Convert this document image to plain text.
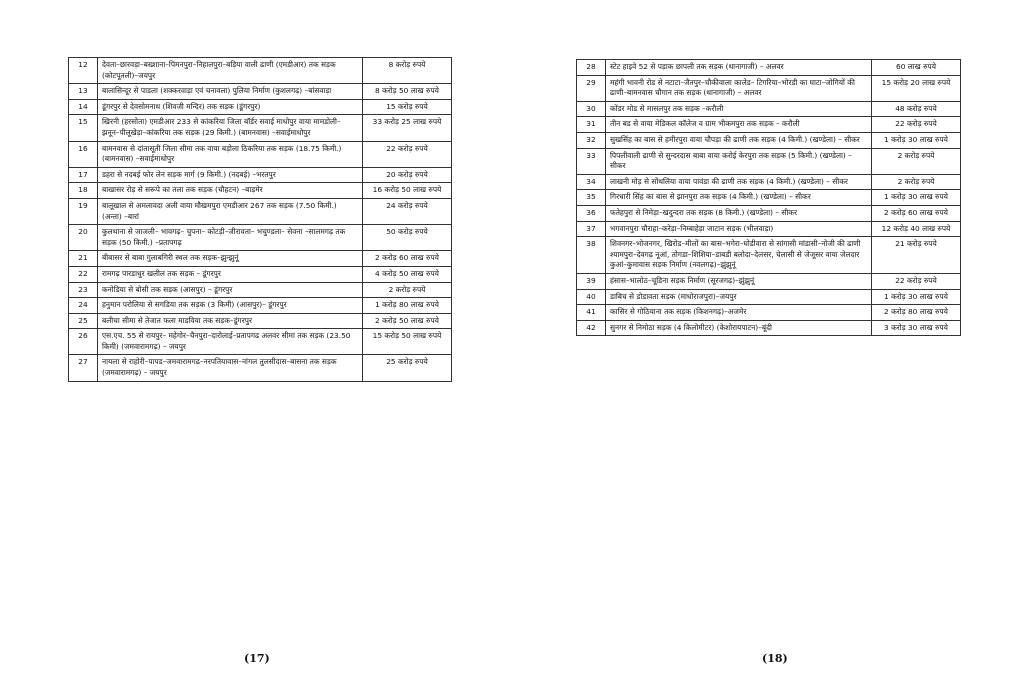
12	देवता–छारवड़ा–बख्‍शाना–पिमनपुरा–निहालपुरा–बड़िया वाली ढाणी (एमडीआर) तक सड़क (कोटपूतली)–जयपुर	8 करोड़ रुपये
13	बालासिन्दूर से पाडला (शक्करवाड़ा एवं चनावला) पुलिया निर्माण (कुशलगढ़) –बांसवाड़ा	8 करोड़ 50 लाख रुपये
14	डूंगरपुर से देवसोमनाथ (शिवजी मन्दिर) तक सड़क (डूंगरपुर)	15 करोड़ रुपये
15	खिरनी (हरसोता) एमडीआर 233 से कांकरिया जिला बॉर्डर सवाई माधोपुर वाया मामडोली–झनून–पीलूखेड़ा–कांकरिया तक सड़क (29 किमी.) (बामनवास) –सवाईमाधोपुर	33 करोड़ 25 लाख रुपये
16	बामनवास से दांतासूती जिला सीमा तक वाया बड़ोला ठिकरिया तक सड़क (18.75 किमी.) (बामनवास) –सवाईमाधोपुर	22 करोड़ रुपये
17	डहरा से नदबई फोर लेन सड़क मार्ग (9 किमी.) (नदबई) –भरतपुर	20 करोड़ रुपये
18	बाखासर रोड़ से सरूपे का तला तक सड़क (चौहटन) –बाड़मेर	16 करोड़ 50 लाख रुपये
19	बालूखाल से अमलावदा अली वाया मौखमपुरा एमडीआर 267 तक सड़क (7.50 किमी.) (अन्ता) –बारां	24 करोड़ रुपये
20	कुलथाना से जाजली– भावगढ़– चुपना– कोटड़ी–जीरावता– भचुण्डला– सेवना –सालमगढ़ तक सड़क (50 किमी.) –प्रतापगढ़	50 करोड़ रुपये
21	बीबासर से बाबा गुलाबगिरी स्थल तक सड़क–झुन्झुनूं	2 करोड़ 60 लाख रुपये
22	रामगढ़ पारडाधुर खलील तक सड़क – डूंगरपुर	4 करोड़ 50 लाख रुपये
23	कनोडिया से बोसी तक सड़क (आसपुर) – डूंगरपुर	2 करोड़ रुपये
24	हनुमान परोलिया से सगडिया तक सड़क (3 किमी) (आसपुर)– डूंगरपुर	1 करोड़ 80 लाख रुपये
25	बलीचा सीमा से तेजात फला माडविया तक सड़क–डूंगरपुर	2 करोड़ 50 लाख रुपये
26	एस.एच. 55 से रायपुर– महेगोर–चैनपुरा–दारोलाई–प्रतापगढ अलवर सीमा तक सड़क (23.50 किमी) (जमवारामगढ़) – जयपुर	15 करोड़ 50 लाख रुपये
27	नायला से राहोरी–पापड–जमवारामगढ–नरपतियावास–नांगल तुलसीदास–बासना तक सड़क (जमवारामगढ़) – जयपुर	25 करोड़ रुपये
(17)
28	स्टेट हाइवे 52 से पड़ाक छापली तक सड़क (थानागाजी) – अलवर	60 लाख रुपये
29	महंगी भावनी रोड से नटाटा–जैतपुर–चौकीवाला कालेड– टिगरिया–भोरडी का घाटा–जोगियों की ढाणी–बामनवास चौगान तक सड़क (थानागाजी) – अलवर	15 करोड़ 20 लाख रुपये
30	कोंडर मोड से मासलपुर तक सड़क –करौली	48 करोड़ रुपये
31	तीन बड से वाया मेडिकल कॉलेज व ग्राम भीकमपुरा तक सड़क – करौली	22 करोड़ रुपये
32	सुखसिंह का बास से हमीरपुरा वाया चौपड़ा की ढाणी तक सड़क (4 किमी.) (खण्डेला) – सीकर	1 करोड़ 30 लाख रुपये
33	पिपलीवाली ढाणी से सुन्दरदास बाबा वाया करोई केरपुरा तक सड़क (5 किमी.) (खण्डेला) – सीकर	2 करोड़ रुपये
34	लाखनी मोड़ से सोंथलिया वाया पावंडा की ढाणी तक सड़क (4 किमी.) (खण्डेला) – सीकर	2 करोड़ रुपये
35	गिरधारी सिंह का बास से झानपुरा तक सड़क (4 किमी.) (खण्डेला) – सीकर	1 करोड़ 30 लाख रुपये
36	फतेहपुरा से निमेड़ा–खदुन्दरा तक सड़क (8 किमी.) (खण्डेला) – सीकर	2 करोड़ 60 लाख रुपये
37	भगवानपुरा चौराहा–करेड़ा–निम्बाहेड़ा जाटान सड़क (भीलवाड़ा)	12 करोड़ 40 लाख रुपये
38	शिवनगर–भोजनगर, खिरोड–मीलों का बास–भगेरा–घोडीवारा से सांगासी मांडासी–नोजी की ढाणी श्यामपुरा–देवगढ़ नूआं, तोगडा–शिशिया–डाबडी बलोदा–देलसर, चेलासी से जेजूसर वाया जेलदार कुआं–कुमावास सड़क निर्माण (नवलगढ़)–झुंझुनूं	21 करोड़ रुपये
39	हंसास–भालोठ–चूडिना सड़क निर्माण (सूरजगढ़)–झुंझुनूं	22 करोड़ रुपये
40	डाबिच से डोडावता सड़क (माधोराजपुरा)–जयपुर	1 करोड़ 30 लाख रुपये
41	कासिर से गोठियाना तक सड़क (किशनगढ़)–अजमेर	2 करोड़ 80 लाख रुपये
42	सुनगर से निमोठा सड़क (4 किलोमीटर) (केशोरायपाटन)–बूंदी	3 करोड़ 30 लाख रुपये
(18)
